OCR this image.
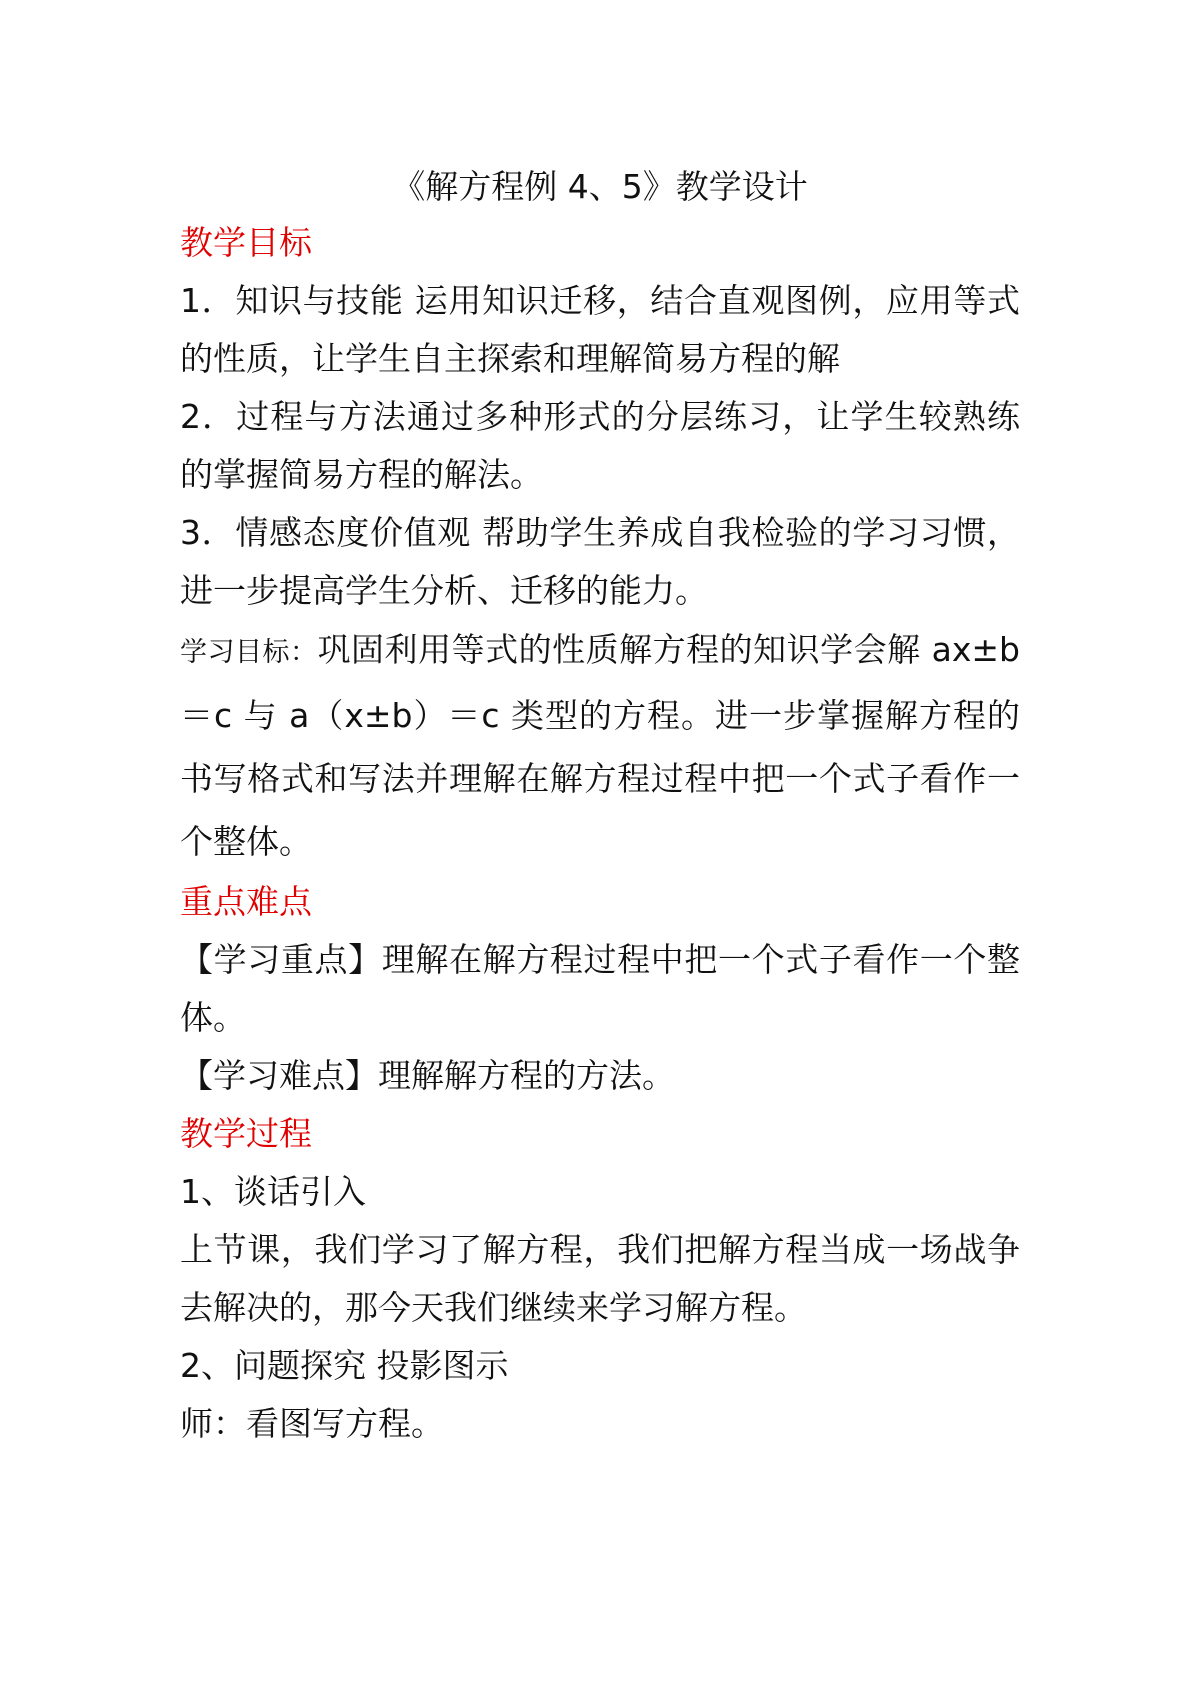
《解方程例 4、5》教学设计
教学目标

1．知识与技能 运用知识迁移，结合直观图例，应用等式的性质，让学生自主探索和理解简易方程的解

2．过程与方法通过多种形式的分层练习，让学生较熟练的掌握简易方程的解法。

3．情感态度价值观 帮助学生养成自我检验的学习习惯，进一步提高学生分析、迁移的能力。

学习目标：巩固利用等式的性质解方程的知识学会解 ax±b＝c 与 a（x±b）＝c 类型的方程。进一步掌握解方程的书写格式和写法并理解在解方程过程中把一个式子看作一个整体。

重点难点

【学习重点】理解在解方程过程中把一个式子看作一个整体。

【学习难点】理解解方程的方法。

教学过程

1、谈话引入

上节课，我们学习了解方程，我们把解方程当成一场战争去解决的，那今天我们继续来学习解方程。

2、问题探究 投影图示

师：看图写方程。
